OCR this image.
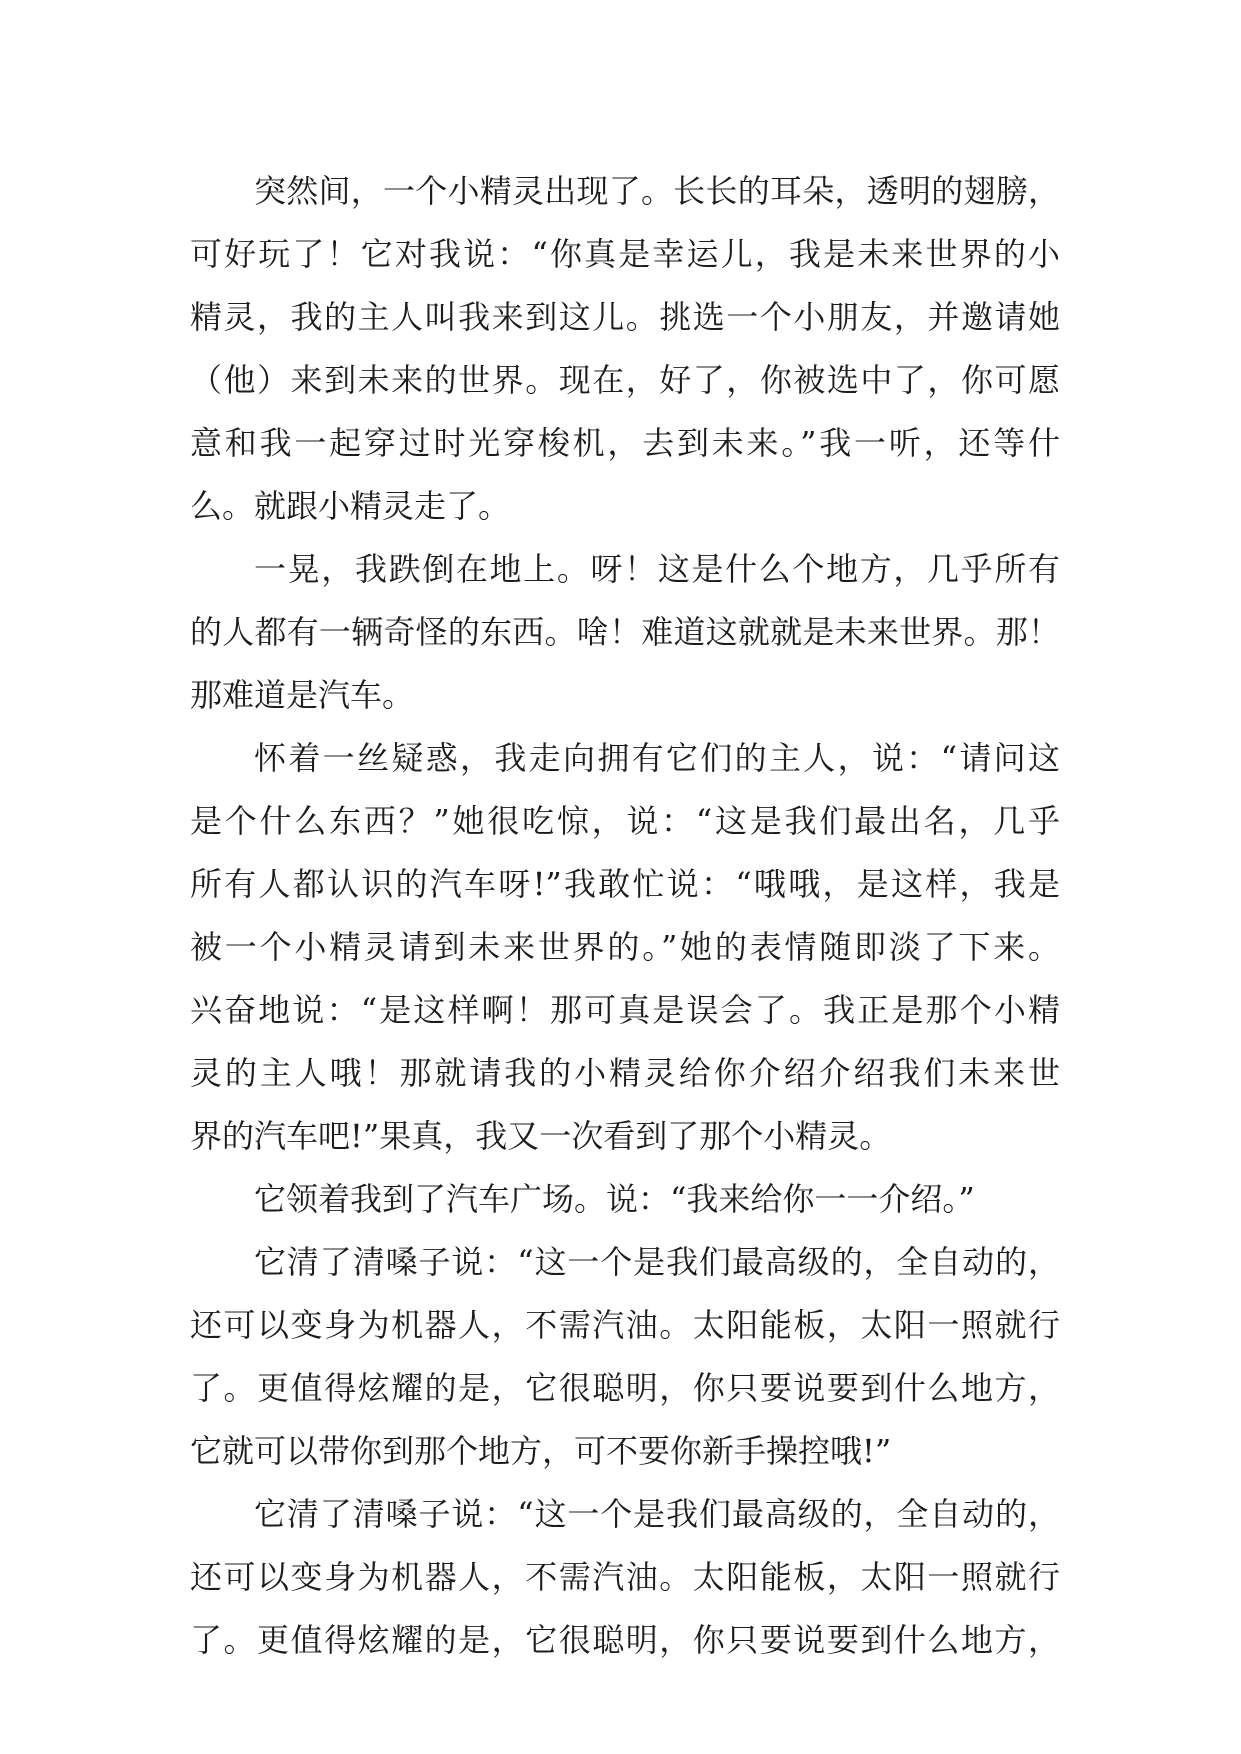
突然间，一个小精灵出现了。长长的耳朵，透明的翅膀，
可好玩了！它对我说：“你真是幸运儿，我是未来世界的小
精灵，我的主人叫我来到这儿。挑选一个小朋友，并邀请她
（他）来到未来的世界。现在，好了，你被选中了，你可愿
意和我一起穿过时光穿梭机，去到未来。”我一听，还等什
么。就跟小精灵走了。
一晃，我跌倒在地上。呀！这是什么个地方，几乎所有
的人都有一辆奇怪的东西。啥！难道这就就是未来世界。那！
那难道是汽车。
怀着一丝疑惑，我走向拥有它们的主人，说：“请问这
是个什么东西？”她很吃惊，说：“这是我们最出名，几乎
所有人都认识的汽车呀!”我敢忙说：“哦哦，是这样，我是
被一个小精灵请到未来世界的。”她的表情随即淡了下来。
兴奋地说：“是这样啊！那可真是误会了。我正是那个小精
灵的主人哦！那就请我的小精灵给你介绍介绍我们未来世
界的汽车吧!”果真，我又一次看到了那个小精灵。
它领着我到了汽车广场。说：“我来给你一一介绍。”
它清了清嗓子说：“这一个是我们最高级的，全自动的，
还可以变身为机器人，不需汽油。太阳能板，太阳一照就行
了。更值得炫耀的是，它很聪明，你只要说要到什么地方，
它就可以带你到那个地方，可不要你新手操控哦!”
它清了清嗓子说：“这一个是我们最高级的，全自动的，
还可以变身为机器人，不需汽油。太阳能板，太阳一照就行
了。更值得炫耀的是，它很聪明，你只要说要到什么地方，
